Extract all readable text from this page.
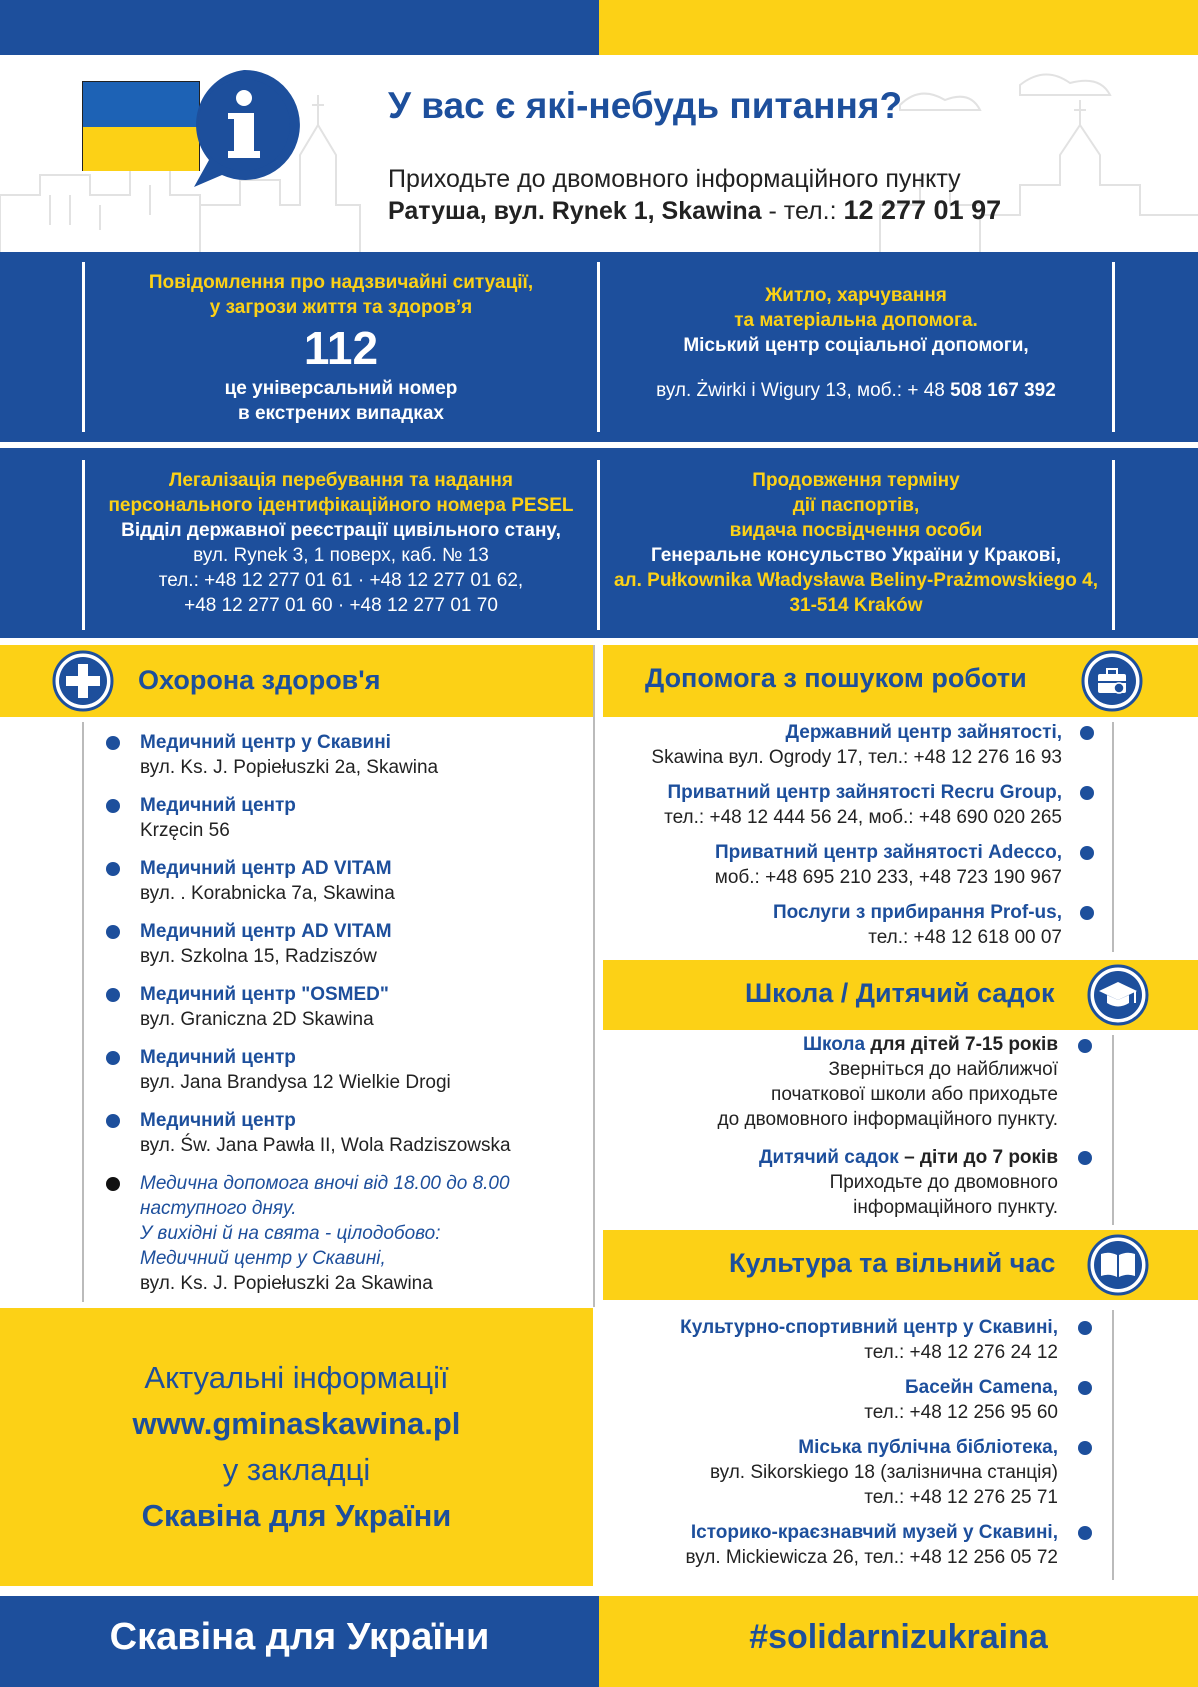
У вас є які-небудь питання?
Приходьте до двомовного інформаційного пункту
Ратуша, вул. Rynek 1, Skawina - тел.: 12 277 01 97
Повідомлення про надзвичайні ситуації,
у загрози життя та здоров’я
112
це універсальний номер
в екстрених випадках
Житло, харчування
та матеріальна допомога.
Міський центр соціальної допомоги,
вул. Żwirki i Wigury 13, моб.: + 48 508 167 392
Легалізація перебування та надання
персонального ідентифікаційного номера PESEL
Відділ державної реєстрації цивільного стану,
вул. Rynek 3, 1 поверх, каб. № 13
тел.: +48 12 277 01 61 · +48 12 277 01 62,
+48 12 277 01 60 · +48 12 277 01 70
Продовження терміну
дії паспортів,
видача посвідчення особи
Генеральне консульство України у Кракові,
ал. Pułkownika Władysława Beliny-Prażmowskiego 4,
31-514 Kraków
Охорона здоров'я
Медичний центр у Скавині
вул. Ks. J. Popiełuszki 2a, Skawina
Медичний центр
Krzęcin 56
Медичний центр AD VITAM
вул. . Korabnicka 7a, Skawina
Медичний центр AD VITAM
вул. Szkolna 15, Radziszów
Медичний центр "OSMED"
вул. Graniczna 2D Skawina
Медичний центр
вул. Jana Brandysa 12 Wielkie Drogi
Медичний центр
вул. Św. Jana Pawła II, Wola Radziszowska
Медична допомога вночі від 18.00 до 8.00
наступного дняу.
У вихідні й на свята - цілодобово:
Медичний центр у Скавині,
вул. Ks. J. Popiełuszki 2a Skawina
Допомога з пошуком роботи
Державний центр зайнятості,
Skawina вул. Ogrody 17, тел.: +48 12 276 16 93
Приватний центр зайнятості Recru Group,
тел.: +48 12 444 56 24, моб.: +48 690 020 265
Приватний центр зайнятості Adecco,
моб.: +48 695 210 233, +48 723 190 967
Послуги з прибирання Prof-us,
тел.: +48 12 618 00 07
Школа / Дитячий садок
Школа для дітей 7-15 років
Зверніться до найближчої
початкової школи або приходьте
до двомовного інформаційного пункту.
Дитячий садок – діти до 7 років
Приходьте до двомовного
інформаційного пункту.
Культура та вільний час
Культурно-спортивний центр у Скавині,
тел.: +48 12 276 24 12
Басейн Camena,
тел.: +48 12 256 95 60
Міська публічна бібліотека,
вул. Sikorskiego 18 (залізнична станція)
тел.: +48 12 276 25 71
Історико-краєзнавчий музей у Скавині,
вул. Mickiewicza 26, тел.: +48 12 256 05 72
Актуальні інформації
www.gminaskawina.pl
у закладці
Скавіна для України
Скавіна для України	#solidarnizukraina
